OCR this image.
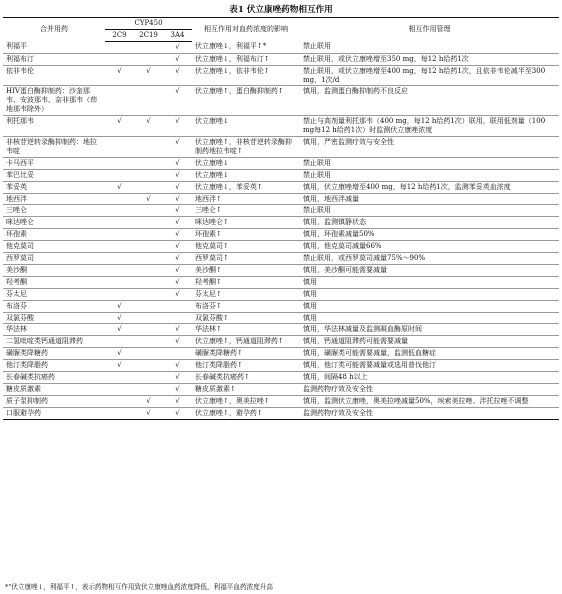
表1 伏立康唑药物相互作用
合并用药	CYP450			相互作用对血药浓度的影响	相互作用管理
	2C9	2C19	3A4		
利福平			√	伏立康唑↓，利福平↑*	禁止联用
利福布汀			√	伏立康唑↓，利福布汀↑	禁止联用，或伏立康唑增至350 mg，每12 h给药1次
依非韦伦	√	√	√	伏立康唑↓，依非韦伦↑	禁止联用，或伏立康唑增至400 mg，每12 h给药1次，且依非韦伦减半至300 mg，1次/d
HIV蛋白酶抑制药：沙奎那韦、安波那韦、奈非那韦（茚地那韦除外）			√	伏立康唑↑，蛋白酶抑制药↑	慎用，监测蛋白酶抑制药不良反应
利托那韦	√	√	√	伏立康唑↓	禁止与高剂量利托那韦（400 mg，每12 h给药1次）联用，联用低剂量（100 mg每12 h给药1次）时监测伏立康唑浓度
非核苷逆转录酶抑制药：地拉韦啶			√	伏立康唑↑，非核苷逆转录酶抑制药地拉韦啶↑	慎用，严密监测疗效与安全性
卡马西平			√	伏立康唑↓	禁止联用
苯巴比妥			√	伏立康唑↓	禁止联用
苯妥英	√		√	伏立康唑↓，苯妥英↑	慎用，伏立康唑增至400 mg，每12 h给药1次，监测苯妥英血浓度
地西泮		√	√	地西泮↑	慎用，地西泮减量
三唑仑			√	三唑仑↑	禁止联用
咪达唑仑			√	咪达唑仑↑	慎用，监测镇静状态
环孢素			√	环孢素↑	慎用，环孢素减量50%
他克莫司			√	他克莫司↑	慎用，他克莫司减量66%
西罗莫司			√	西罗莫司↑	禁止联用，或西罗莫司减量75%～90%
美沙酮			√	美沙酮↑	慎用，美沙酮可能需要减量
羟考酮			√	羟考酮↑	慎用
芬太尼			√	芬太尼↑	慎用
布洛芬	√			布洛芬↑	慎用
双氯芬酸	√			双氯芬酸↑	慎用
华法林	√		√	华法林↑	慎用，华法林减量及监测凝血酶原时间
二氢吡啶类钙通道阻滞药			√	伏立康唑↑，钙通道阻滞药↑	慎用，钙通道阻滞药可能需要减量
磺脲类降糖药	√			磺脲类降糖药↑	慎用，磺脲类可能需要减量，监测低血糖症
他汀类降脂药	√		√	他汀类降脂药↑	慎用，他汀类可能需要减量或选用普伐他汀
长春碱类抗癌药			√	长春碱类抗癌药↑	慎用，间隔48 h以上
糖皮质激素			√	糖皮质激素↑	监测药物疗效及安全性
质子泵抑制药		√	√	伏立康唑↑，奥美拉唑↑	慎用，监测伏立康唑，奥美拉唑减量50%，埃索美拉唑、泮托拉唑不调整
口服避孕药		√	√	伏立康唑↑，避孕药↑	监测药物疗效及安全性
*"伏立康唑↓，利福平↑，表示药物相互作用致伏立康唑血药浓度降低，利福平血药浓度升高
